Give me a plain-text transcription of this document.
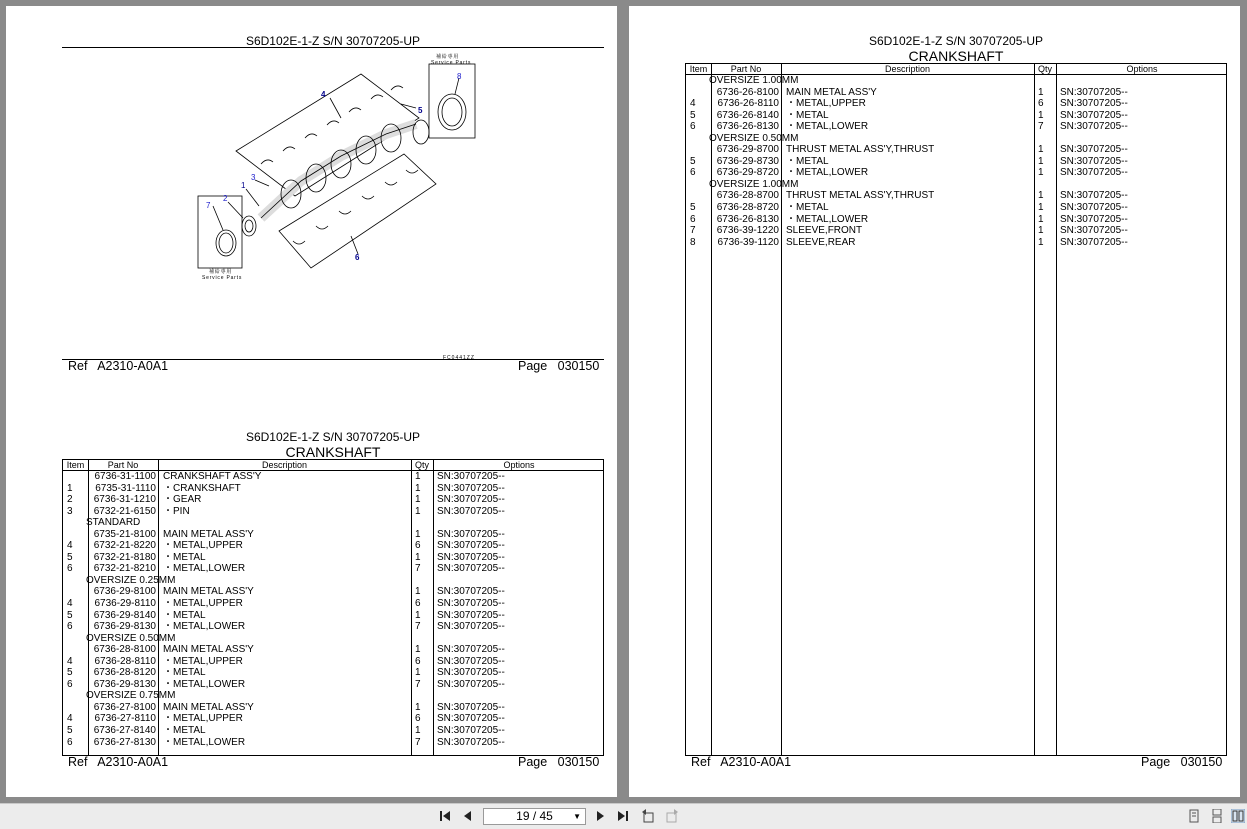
S6D102E-1-Z S/N 30707205-UP
4
5
6
1
2
3
7
8
補給専用
Service Parts
補給専用
Service Parts
FC0441ZZ
Ref A2310-A0A1	Page 030150
S6D102E-1-Z S/N 30707205-UP
CRANKSHAFT
Item	Part No	Description	Qty	Options
6736-31-1100 CRANKSHAFT ASS'Y	1 SN:30707205--
1	6735-31-1110 ・CRANKSHAFT	1 SN:30707205--
2	6736-31-1210 ・GEAR	1 SN:30707205--
3	6732-21-6150 ・PIN	1 SN:30707205--
STANDARD
6735-21-8100 MAIN METAL ASS'Y	1 SN:30707205--
4	6732-21-8220 ・METAL,UPPER	6 SN:30707205--
5	6732-21-8180 ・METAL	1 SN:30707205--
6	6732-21-8210 ・METAL,LOWER	7 SN:30707205--
OVERSIZE 0.25MM
6736-29-8100 MAIN METAL ASS'Y	1 SN:30707205--
4	6736-29-8110 ・METAL,UPPER	6 SN:30707205--
5	6736-29-8140 ・METAL	1 SN:30707205--
6	6736-29-8130 ・METAL,LOWER	7 SN:30707205--
OVERSIZE 0.50MM
6736-28-8100 MAIN METAL ASS'Y	1 SN:30707205--
4	6736-28-8110 ・METAL,UPPER	6 SN:30707205--
5	6736-28-8120 ・METAL	1 SN:30707205--
6	6736-29-8130 ・METAL,LOWER	7 SN:30707205--
OVERSIZE 0.75MM
6736-27-8100 MAIN METAL ASS'Y	1 SN:30707205--
4	6736-27-8110 ・METAL,UPPER	6 SN:30707205--
5	6736-27-8140 ・METAL	1 SN:30707205--
6	6736-27-8130 ・METAL,LOWER	7 SN:30707205--
Ref A2310-A0A1	Page 030150
S6D102E-1-Z S/N 30707205-UP
CRANKSHAFT
Item	Part No	Description	Qty	Options
OVERSIZE 1.00MM
6736-26-8100 MAIN METAL ASS'Y	1 SN:30707205--
4	6736-26-8110 ・METAL,UPPER	6 SN:30707205--
5	6736-26-8140 ・METAL	1 SN:30707205--
6	6736-26-8130 ・METAL,LOWER	7 SN:30707205--
OVERSIZE 0.50MM
6736-29-8700 THRUST METAL ASS'Y,THRUST	1 SN:30707205--
5	6736-29-8730 ・METAL	1 SN:30707205--
6	6736-29-8720 ・METAL,LOWER	1 SN:30707205--
OVERSIZE 1.00MM
6736-28-8700 THRUST METAL ASS'Y,THRUST	1 SN:30707205--
5	6736-28-8720 ・METAL	1 SN:30707205--
6	6736-26-8130 ・METAL,LOWER	1 SN:30707205--
7	6736-39-1220 SLEEVE,FRONT	1 SN:30707205--
8	6736-39-1120 SLEEVE,REAR	1 SN:30707205--
Ref A2310-A0A1	Page 030150
19 / 45	▼
